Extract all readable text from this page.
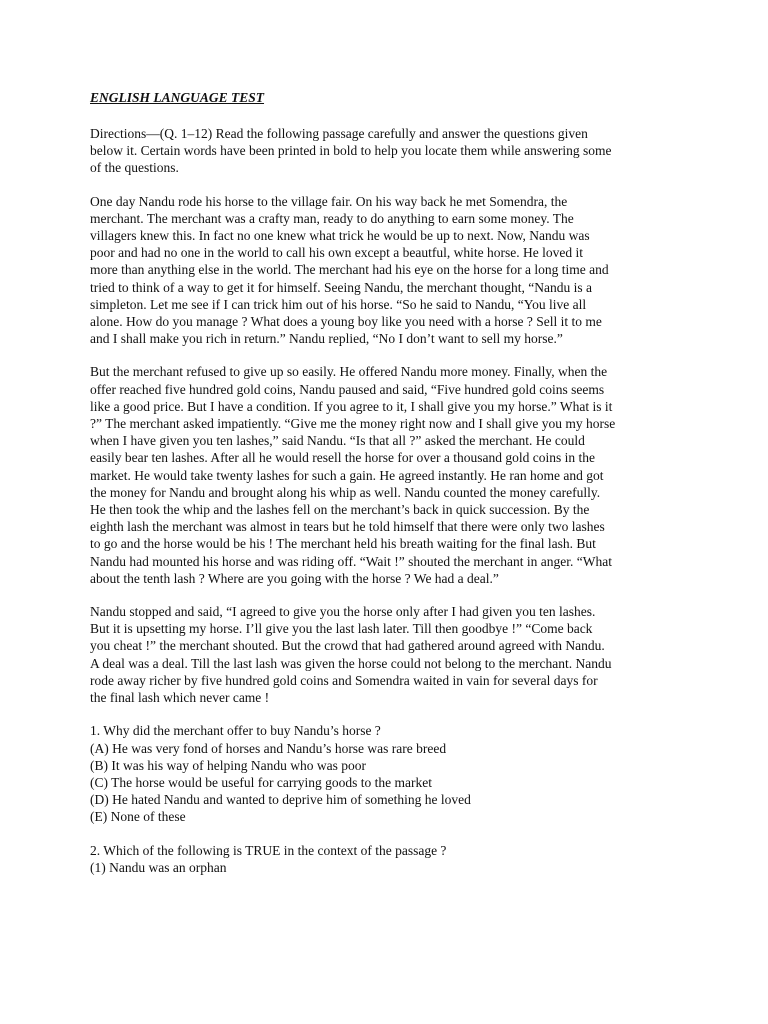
ENGLISH LANGUAGE TEST
Directions—(Q. 1–12) Read the following passage carefully and answer the questions given
below it. Certain words have been printed in bold to help you locate them while answering some
of the questions.
One day Nandu rode his horse to the village fair. On his way back he met Somendra, the
merchant. The merchant was a crafty man, ready to do anything to earn some money. The
villagers knew this. In fact no one knew what trick he would be up to next. Now, Nandu was
poor and had no one in the world to call his own except a beautful, white horse. He loved it
more than anything else in the world. The merchant had his eye on the horse for a long time and
tried to think of a way to get it for himself. Seeing Nandu, the merchant thought, “Nandu is a
simpleton. Let me see if I can trick him out of his horse. “So he said to Nandu, “You live all
alone. How do you manage ? What does a young boy like you need with a horse ? Sell it to me
and I shall make you rich in return.” Nandu replied, “No I don’t want to sell my horse.”
But the merchant refused to give up so easily. He offered Nandu more money. Finally, when the
offer reached five hundred gold coins, Nandu paused and said, “Five hundred gold coins seems
like a good price. But I have a condition. If you agree to it, I shall give you my horse.” What is it
?” The merchant asked impatiently. “Give me the money right now and I shall give you my horse
when I have given you ten lashes,” said Nandu. “Is that all ?” asked the merchant. He could
easily bear ten lashes. After all he would resell the horse for over a thousand gold coins in the
market. He would take twenty lashes for such a gain. He agreed instantly. He ran home and got
the money for Nandu and brought along his whip as well. Nandu counted the money carefully.
He then took the whip and the lashes fell on the merchant’s back in quick succession. By the
eighth lash the merchant was almost in tears but he told himself that there were only two lashes
to go and the horse would be his ! The merchant held his breath waiting for the final lash. But
Nandu had mounted his horse and was riding off. “Wait !” shouted the merchant in anger. “What
about the tenth lash ? Where are you going with the horse ? We had a deal.”
Nandu stopped and said, “I agreed to give you the horse only after I had given you ten lashes.
But it is upsetting my horse. I’ll give you the last lash later. Till then goodbye !” “Come back
you cheat !” the merchant shouted. But the crowd that had gathered around agreed with Nandu.
A deal was a deal. Till the last lash was given the horse could not belong to the merchant. Nandu
rode away richer by five hundred gold coins and Somendra waited in vain for several days for
the final lash which never came !
1. Why did the merchant offer to buy Nandu’s horse ?
(A) He was very fond of horses and Nandu’s horse was rare breed
(B) It was his way of helping Nandu who was poor
(C) The horse would be useful for carrying goods to the market
(D) He hated Nandu and wanted to deprive him of something he loved
(E) None of these
2. Which of the following is TRUE in the context of the passage ?
(1) Nandu was an orphan
